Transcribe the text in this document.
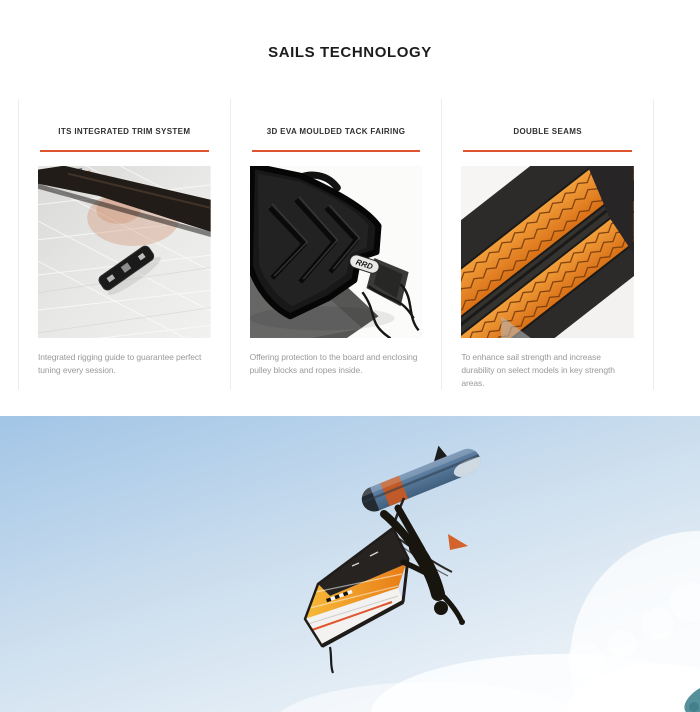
SAILS TECHNOLOGY
ITS INTEGRATED TRIM SYSTEM
Integrated rigging guide to guarantee perfect tuning every session.
3D EVA MOULDED TACK FAIRING
RRD
Offering protection to the board and enclosing pulley blocks and ropes inside.
DOUBLE SEAMS
To enhance sail strength and increase durability on select models in key strength areas.
